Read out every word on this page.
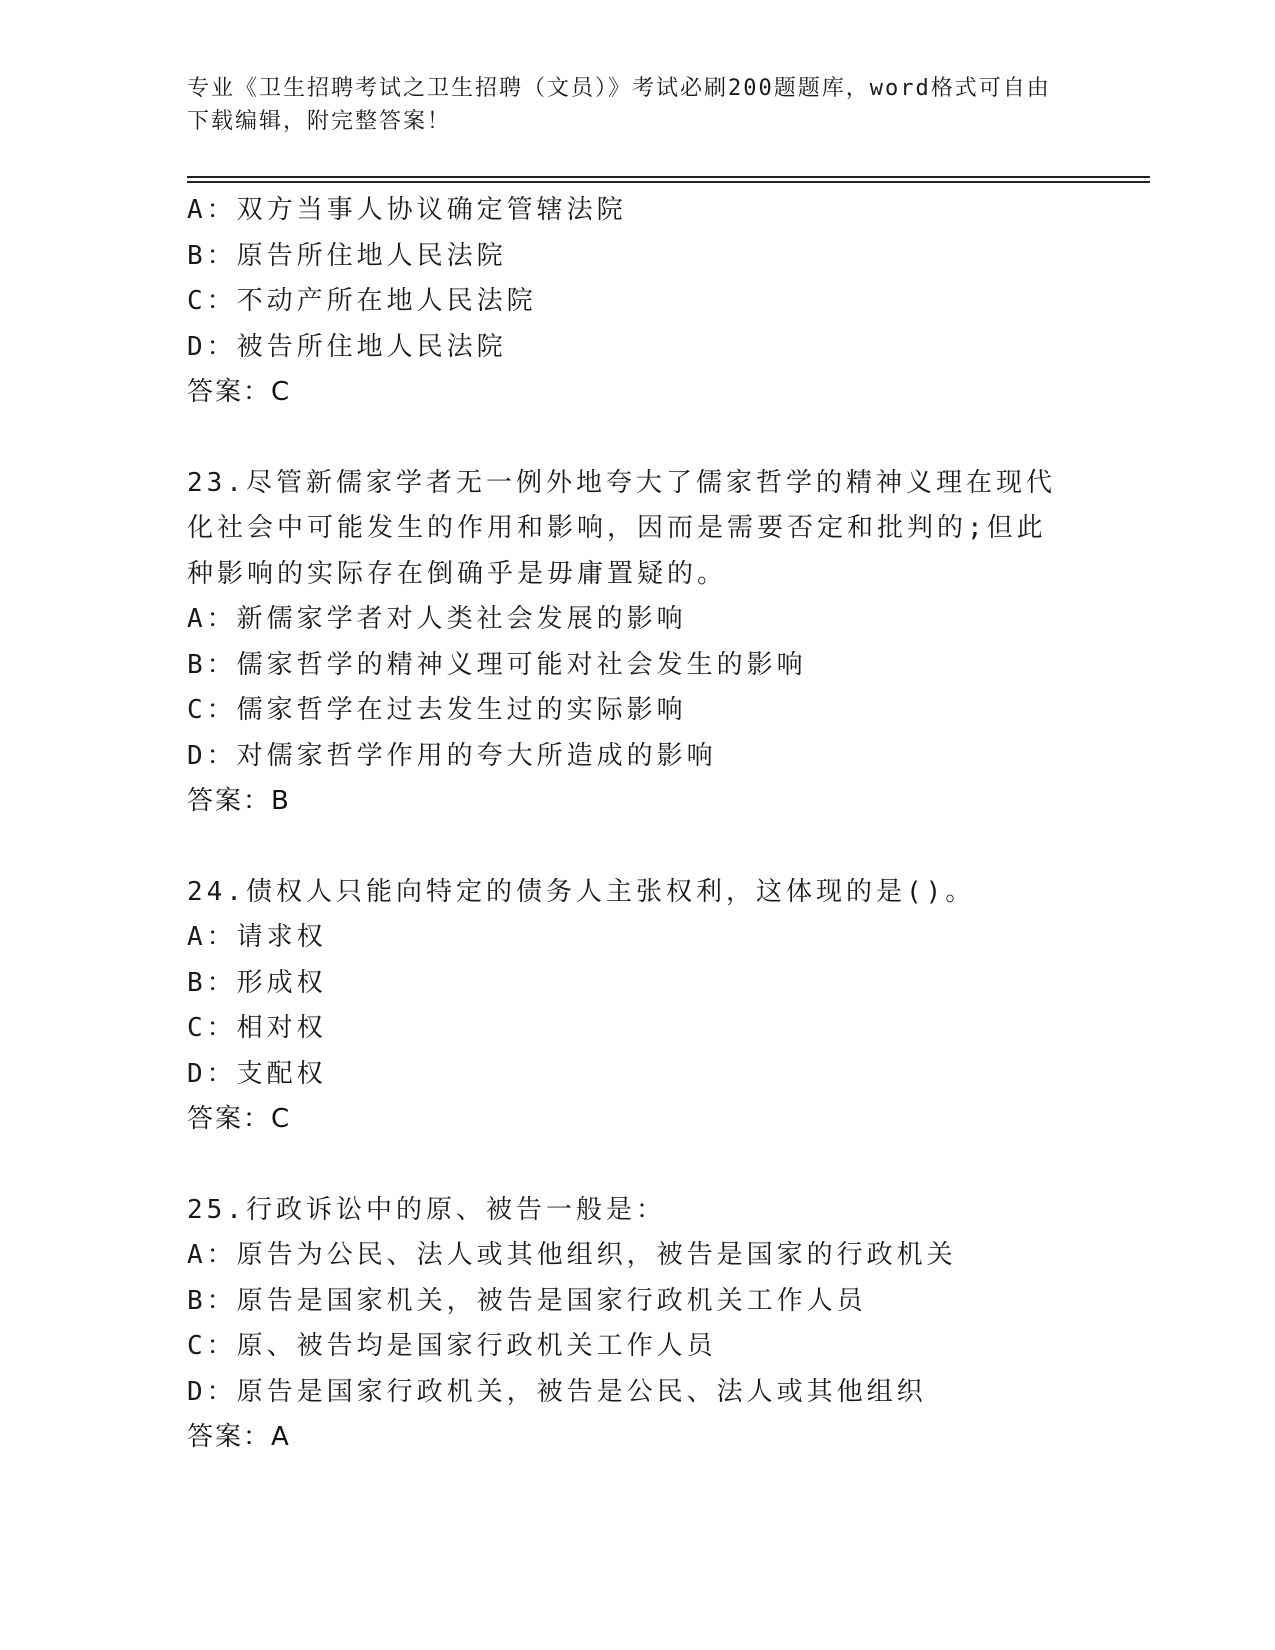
专业《卫生招聘考试之卫生招聘（文员）》考试必刷200题题库，word格式可自由下载编辑，附完整答案！
A：双方当事人协议确定管辖法院
B：原告所住地人民法院
C：不动产所在地人民法院
D：被告所住地人民法院
答案：C
23.尽管新儒家学者无一例外地夸大了儒家哲学的精神义理在现代化社会中可能发生的作用和影响，因而是需要否定和批判的;但此种影响的实际存在倒确乎是毋庸置疑的。
A：新儒家学者对人类社会发展的影响
B：儒家哲学的精神义理可能对社会发生的影响
C：儒家哲学在过去发生过的实际影响
D：对儒家哲学作用的夸大所造成的影响
答案：B
24.债权人只能向特定的债务人主张权利，这体现的是()。
A：请求权
B：形成权
C：相对权
D：支配权
答案：C
25.行政诉讼中的原、被告一般是：
A：原告为公民、法人或其他组织，被告是国家的行政机关
B：原告是国家机关，被告是国家行政机关工作人员
C：原、被告均是国家行政机关工作人员
D：原告是国家行政机关，被告是公民、法人或其他组织
答案：A
